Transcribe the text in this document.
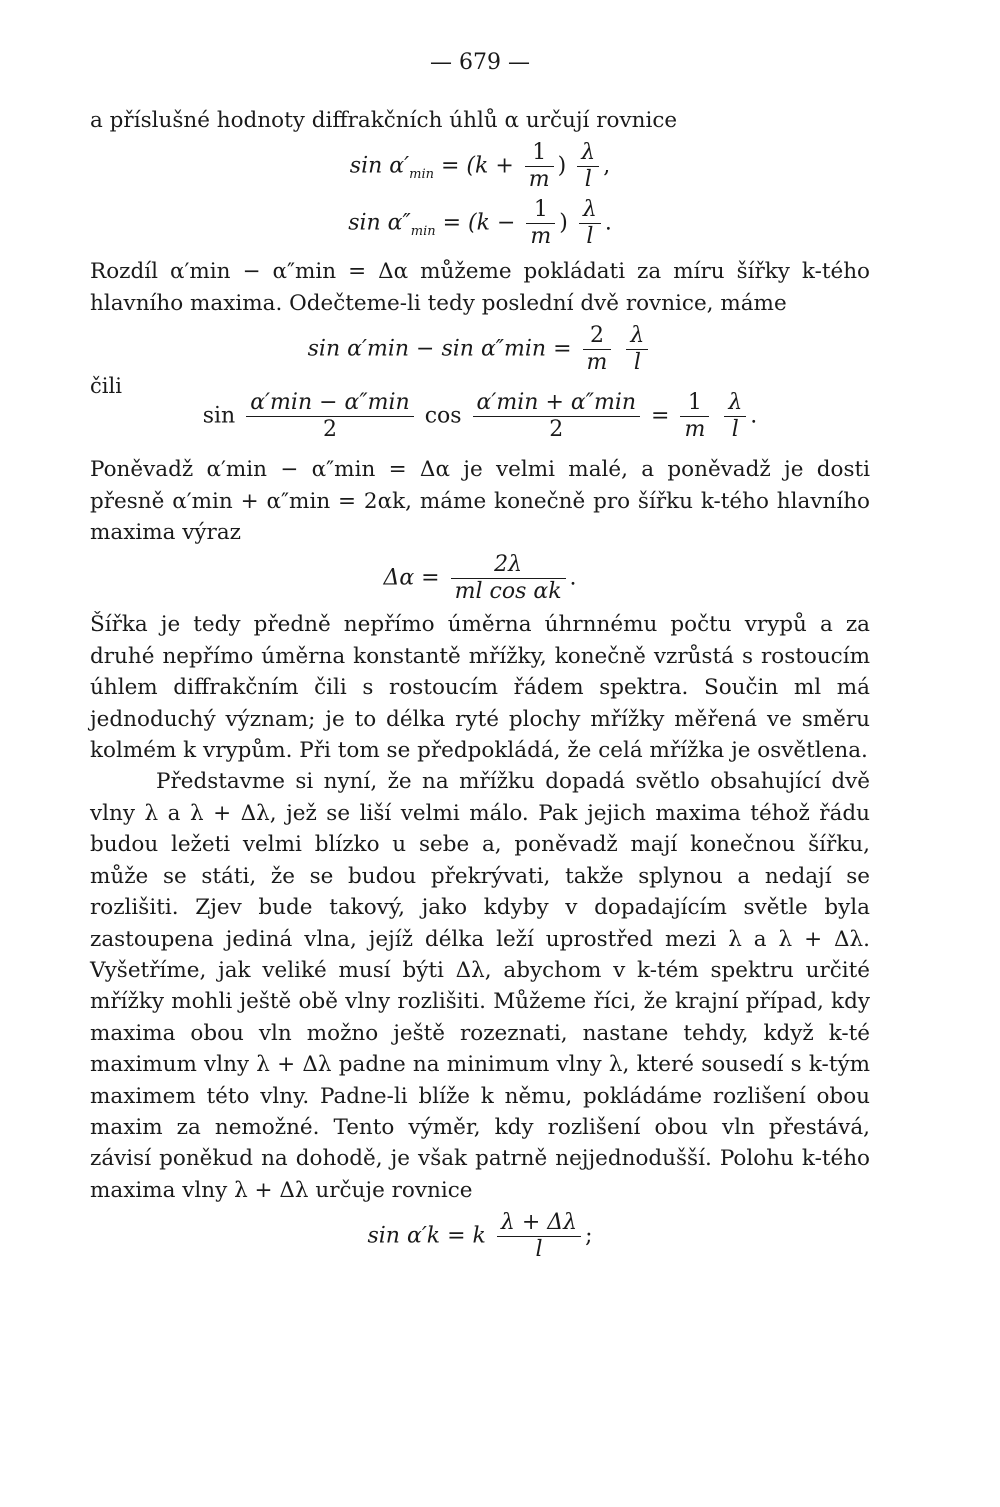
— 679 —

a příslušné hodnoty diffrakčních úhlů α určují rovnice

$\sin \alpha'_{min} = (k + \frac{1}{m}$ ) $\frac{\lambda}{l}$ ,
$\sin \alpha''_{min} = (k - \frac{1}{m}$ ) $\frac{\lambda}{l}$ .

Rozdíl α′min − α″min = Δα můžeme pokládati za míru šířky k-tého hlavního maxima. Odečteme-li tedy poslední dvě rovnice, máme

$\sin \alpha'\min - \sin \alpha''\min = \frac{2}{m}$
$\frac{\lambda}{l}$
čili
$\sin \frac{\alpha'\min - \alpha''\min}{2}$ $\cos \frac{\alpha'\min + \alpha''\min}{2} = \frac{1}{m}$
$\frac{\lambda}{l}$ .

Poněvadž α′min − α″min = Δα je velmi malé, a poněvadž je dosti přesně α′min + α″min = 2αk, máme konečně pro šířku k-tého hlavního maxima výraz

$\Delta\alpha = \frac{2\lambda}{\text{ml cos αk}}$ .

Šířka je tedy předně nepřímo úměrna úhrnnému počtu vrypů a za druhé nepřímo úměrna konstantě mřížky, konečně vzrůstá s rostoucím úhlem diffrakčním čili s rostoucím řádem spektra. Součin ml má jednoduchý význam; je to délka ryté plochy mřížky měřená ve směru kolmém k vrypům. Při tom se předpokládá, že celá mřížka je osvětlena.

Představme si nyní, že na mřížku dopadá světlo obsahující dvě vlny λ a λ + Δλ, jež se liší velmi málo. Pak jejich maxima téhož řádu budou ležeti velmi blízko u sebe a, poněvadž mají konečnou šířku, může se státi, že se budou překrývati, takže splynou a nedají se rozlišiti. Zjev bude takový, jako kdyby v dopadajícím světle byla zastoupena jediná vlna, jejíž délka leží uprostřed mezi λ a λ + Δλ. Vyšetříme, jak veliké musí býti Δλ, abychom v k-tém spektru určité mřížky mohli ještě obě vlny rozlišiti. Můžeme říci, že krajní případ, kdy maxima obou vln možno ještě rozeznati, nastane tehdy, když k-té maximum vlny λ + Δλ padne na minimum vlny λ, které sousedí s k-tým maximem této vlny. Padne-li blíže k němu, pokládáme rozlišení obou maxim za nemožné. Tento výměr, kdy rozlišení obou vln přestává, závisí poněkud na dohodě, je však patrně nejjednodušší. Polohu k-tého maxima vlny λ + Δλ určuje rovnice

sin α′k = k $\frac{\lambda + \Delta\lambda}{l}$ ;
